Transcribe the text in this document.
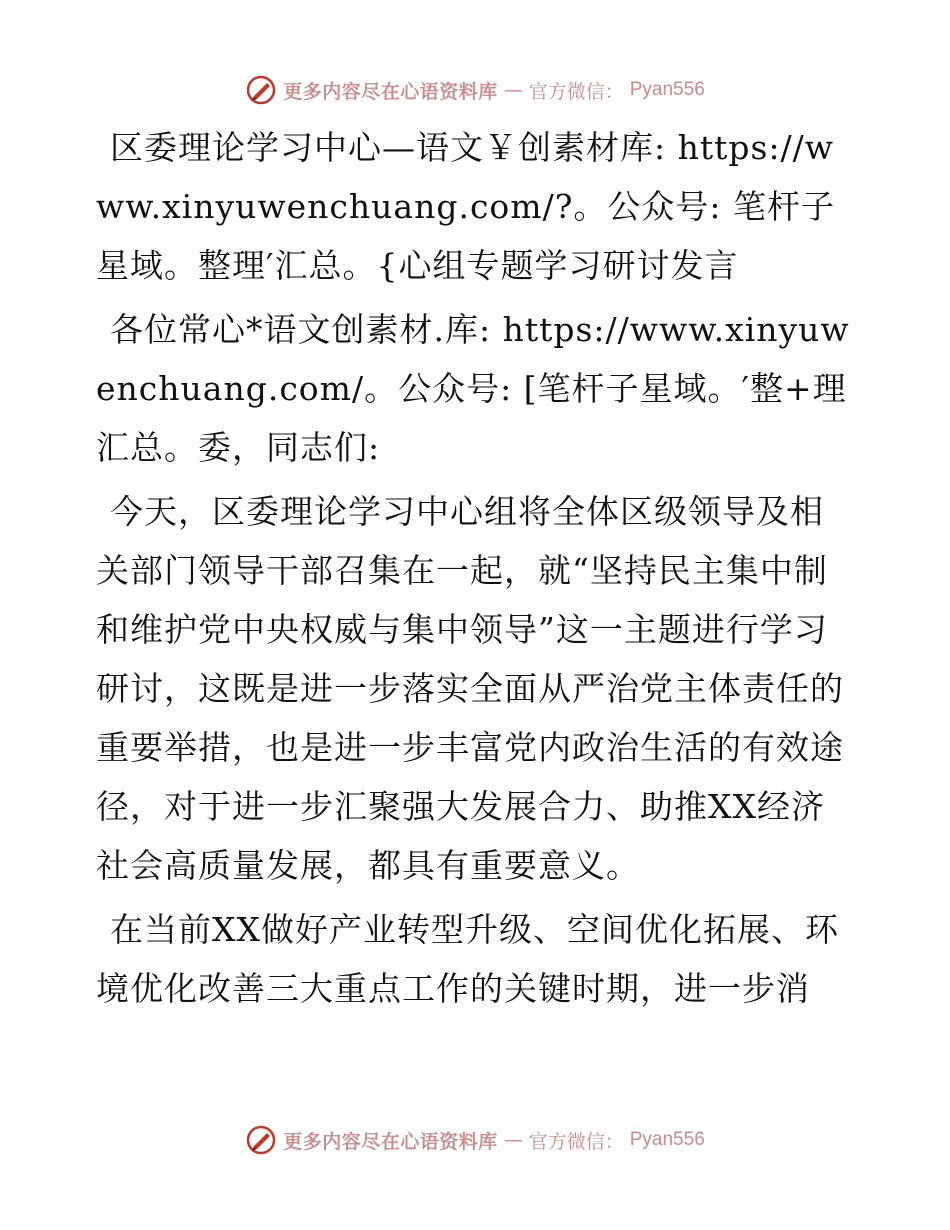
更多内容尽在心语资料库 — 官方微信： Pyan556

区委理论学习中心—语文￥创素材库: https://www.xinyuwenchuang.com/?。公众号: 笔杆子星域。整理′汇总。{心组专题学习研讨发言

各位常心*语文创素材.库: https://www.xinyuwenchuang.com/。公众号: [笔杆子星域。′整+理汇总。委，同志们:

今天，区委理论学习中心组将全体区级领导及相关部门领导干部召集在一起，就“坚持民主集中制和维护党中央权威与集中领导”这一主题进行学习研讨，这既是进一步落实全面从严治党主体责任的重要举措，也是进一步丰富党内政治生活的有效途径，对于进一步汇聚强大发展合力、助推XX经济社会高质量发展，都具有重要意义。

在当前XX做好产业转型升级、空间优化拓展、环境优化改善三大重点工作的关键时期，进一步消

更多内容尽在心语资料库 — 官方微信： Pyan556
